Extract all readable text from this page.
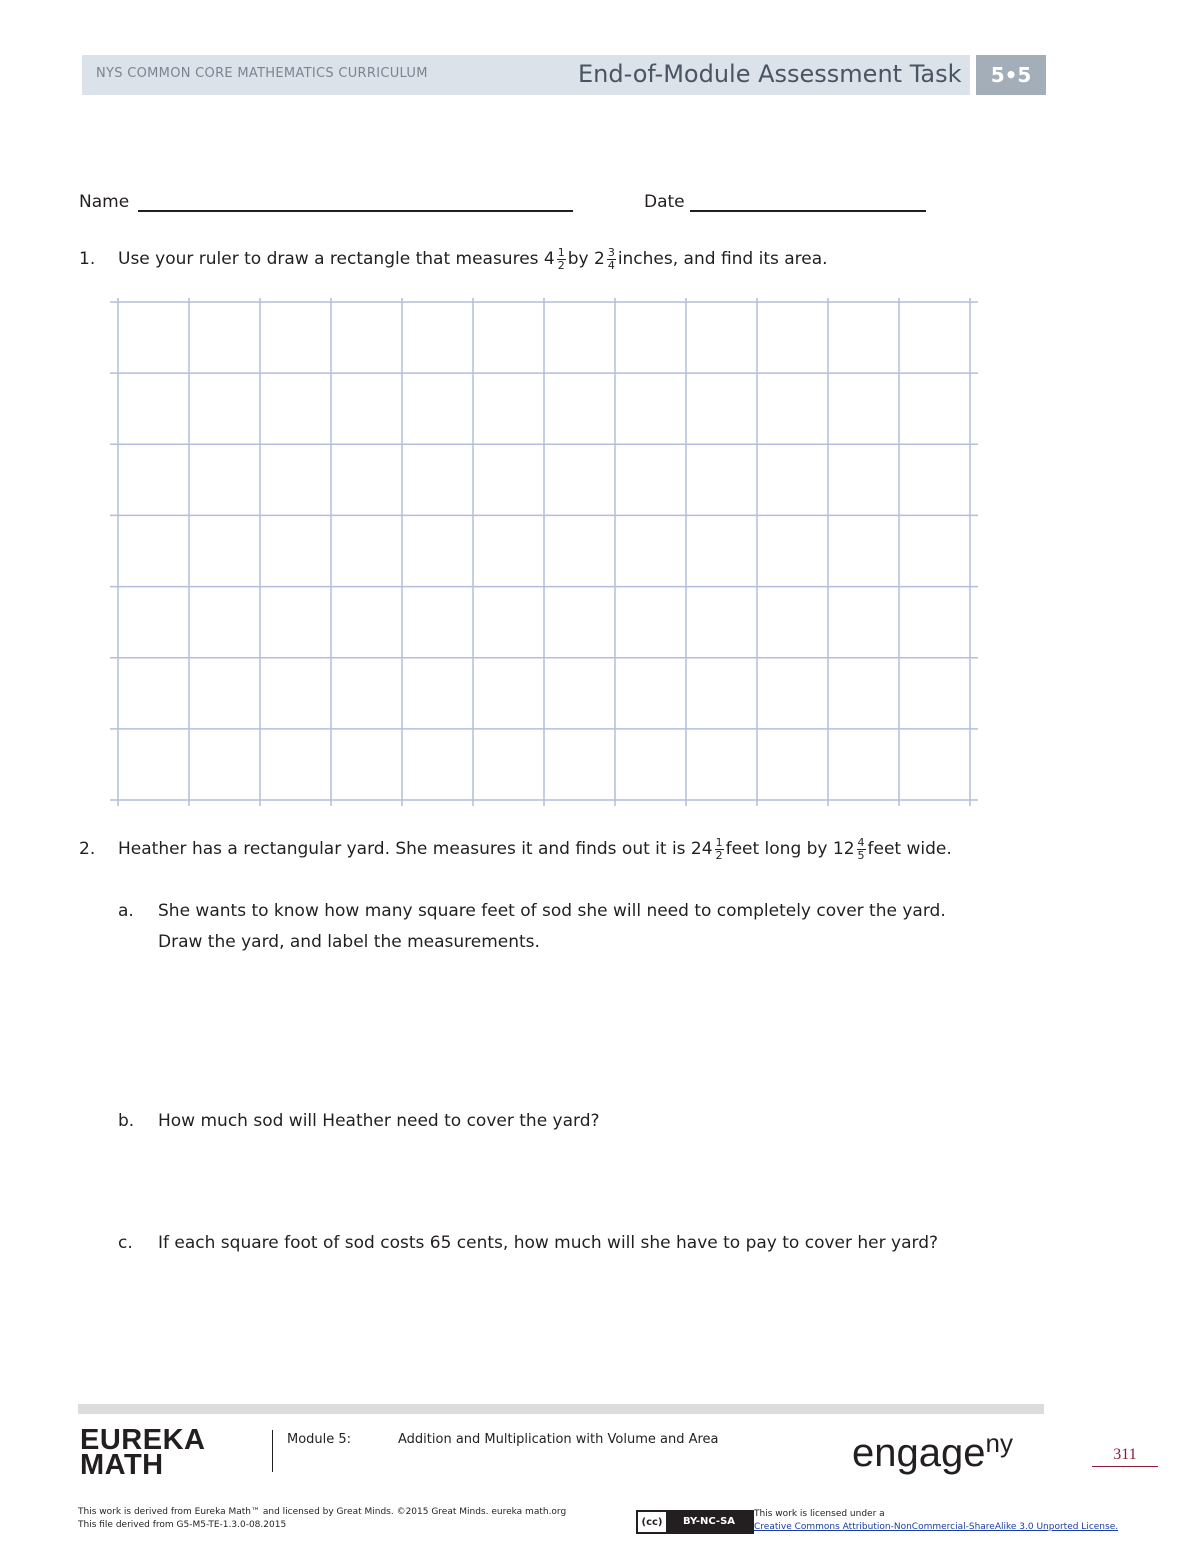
NYS COMMON CORE MATHEMATICS CURRICULUM	End-of-Module Assessment Task	5•5
Name	Date
1. Use your ruler to draw a rectangle that measures $4 \frac{1}{2}$ by $2 \frac{3}{4}$ inches, and find its area.
2. Heather has a rectangular yard. She measures it and finds out it is $24 \frac{1}{2}$ feet long by $12 \frac{4}{5}$ feet wide.
a. She wants to know how many square feet of sod she will need to completely cover the yard.
Draw the yard, and label the measurements.
b. How much sod will Heather need to cover the yard?
c. If each square foot of sod costs 65 cents, how much will she have to pay to cover her yard?
EUREKA
MATH
Module 5:	Addition and Multiplication with Volume and Area	engage$^{ny}$	311
This work is derived from Eureka Math™ and licensed by Great Minds. ©2015 Great Minds. eureka math.org
This file derived from G5-M5-TE-1.3.0-08.2015	(cc)	BY-NC-SA
This work is licensed under a
Creative Commons Attribution-NonCommercial-ShareAlike 3.0 Unported License.
